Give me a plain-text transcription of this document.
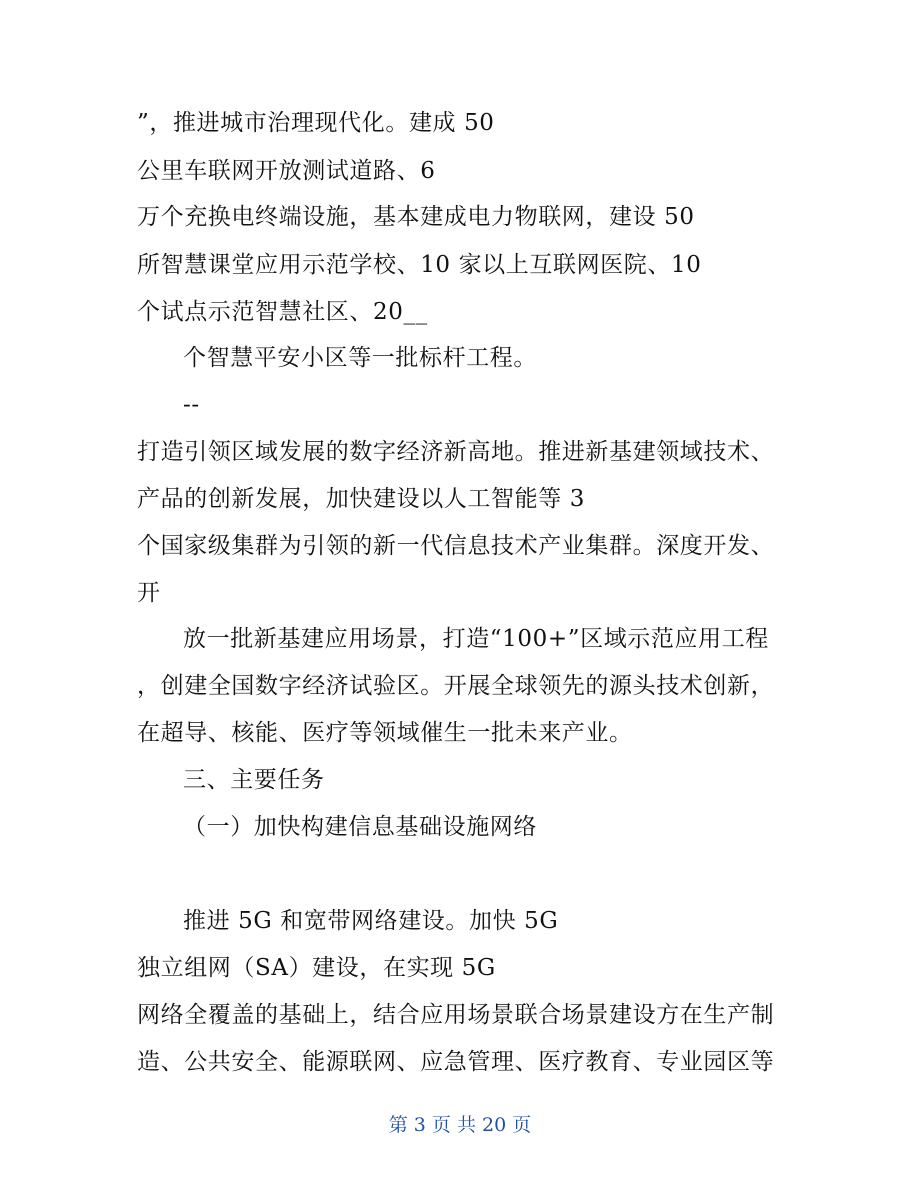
”，推进城市治理现代化。建成 50
公里车联网开放测试道路、6
万个充换电终端设施，基本建成电力物联网，建设 50
所智慧课堂应用示范学校、10 家以上互联网医院、10
个试点示范智慧社区、20__
个智慧平安小区等一批标杆工程。
--
打造引领区域发展的数字经济新高地。推进新基建领域技术、
产品的创新发展，加快建设以人工智能等 3
个国家级集群为引领的新一代信息技术产业集群。深度开发、
开
放一批新基建应用场景，打造“100+”区域示范应用工程
，创建全国数字经济试验区。开展全球领先的源头技术创新，
在超导、核能、医疗等领域催生一批未来产业。
三、主要任务
（一）加快构建信息基础设施网络
推进 5G 和宽带网络建设。加快 5G
独立组网（SA）建设，在实现 5G
网络全覆盖的基础上，结合应用场景联合场景建设方在生产制
造、公共安全、能源联网、应急管理、医疗教育、专业园区等
第 3 页 共 20 页
